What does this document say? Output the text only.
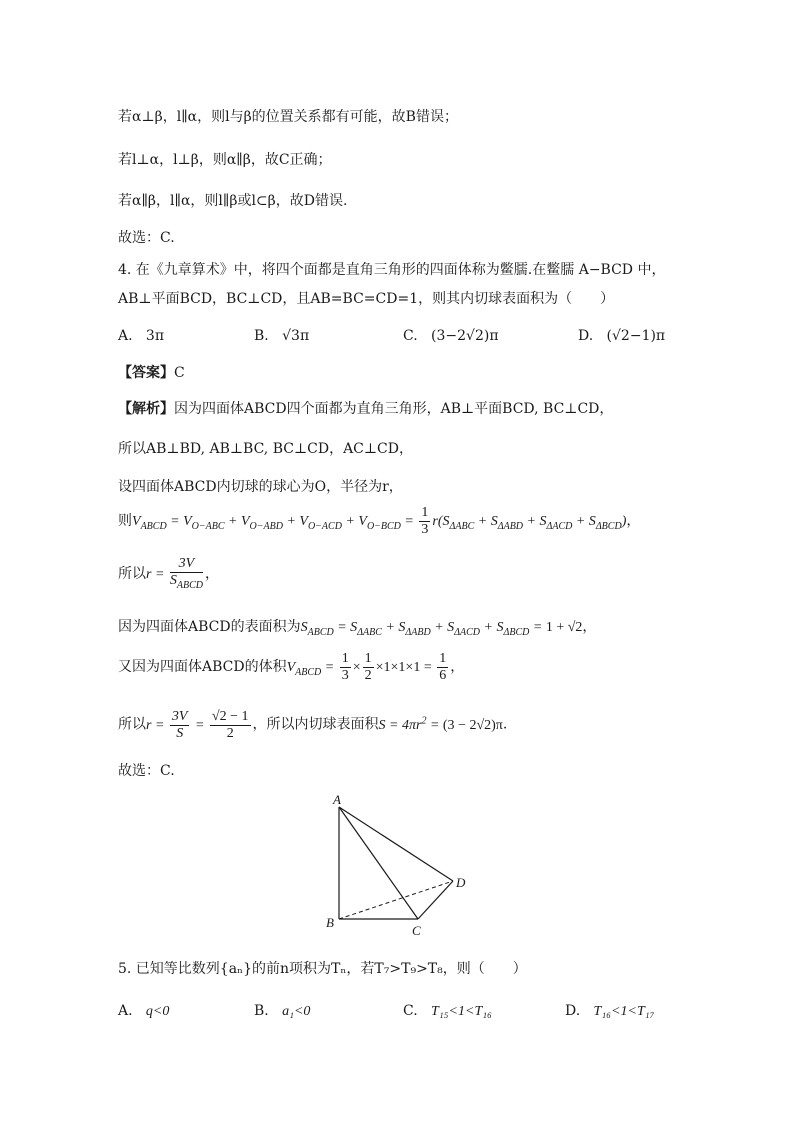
若α⊥β，l∥α，则l与β的位置关系都有可能，故B错误；
若l⊥α，l⊥β，则α∥β，故C正确；
若α∥β，l∥α，则l∥β或l⊂β，故D错误.
故选：C.
4. 在《九章算术》中，将四个面都是直角三角形的四面体称为鳖臑.在鳖臑 A−BCD 中，
AB⊥平面BCD，BC⊥CD，且AB=BC=CD=1，则其内切球表面积为（　　）
A. 3π	B. √3π	C. (3−2√2)π	D. (√2−1)π
【答案】C
【解析】因为四面体ABCD四个面都为直角三角形，AB⊥平面BCD, BC⊥CD，
所以AB⊥BD, AB⊥BC, BC⊥CD，AC⊥CD，
设四面体ABCD内切球的球心为O，半径为r，
则$V_{ABCD} = V_{O-ABC} + V_{O-ABD} + V_{O-ACD} + V_{O-BCD} = \frac{1}{3} r(S_{\Delta ABC} + S_{\Delta ABD} + S_{\Delta ACD} + S_{\Delta BCD})$，
所以$r = \frac{3V}{S_{ABCD}}$ ，
因为四面体ABCD的表面积为$S_{ABCD} = S_{\Delta ABC} + S_{\Delta ABD} + S_{\Delta ACD} + S_{\Delta BCD} = 1 + √2$，
又因为四面体ABCD的体积$V_{ABCD} = \frac{1}{3} \times \frac{1}{2} \times 1\times 1\times 1 = \frac{1}{6}$ ，
所以$r = \frac{3V}{S} = \frac{√2 - 1}{2}$ ，所以内切球表面积$S = 4\pi r^2 = (3 - 2√2)\pi$.
故选：C.
A
B
C
D
5. 已知等比数列{aₙ}的前n项积为Tₙ，若T₇>T₉>T₈，则（　　）
A. q<0	B. a₁<0	C. T₁₅<1<T₁₆	D. T₁₆<1<T₁₇
